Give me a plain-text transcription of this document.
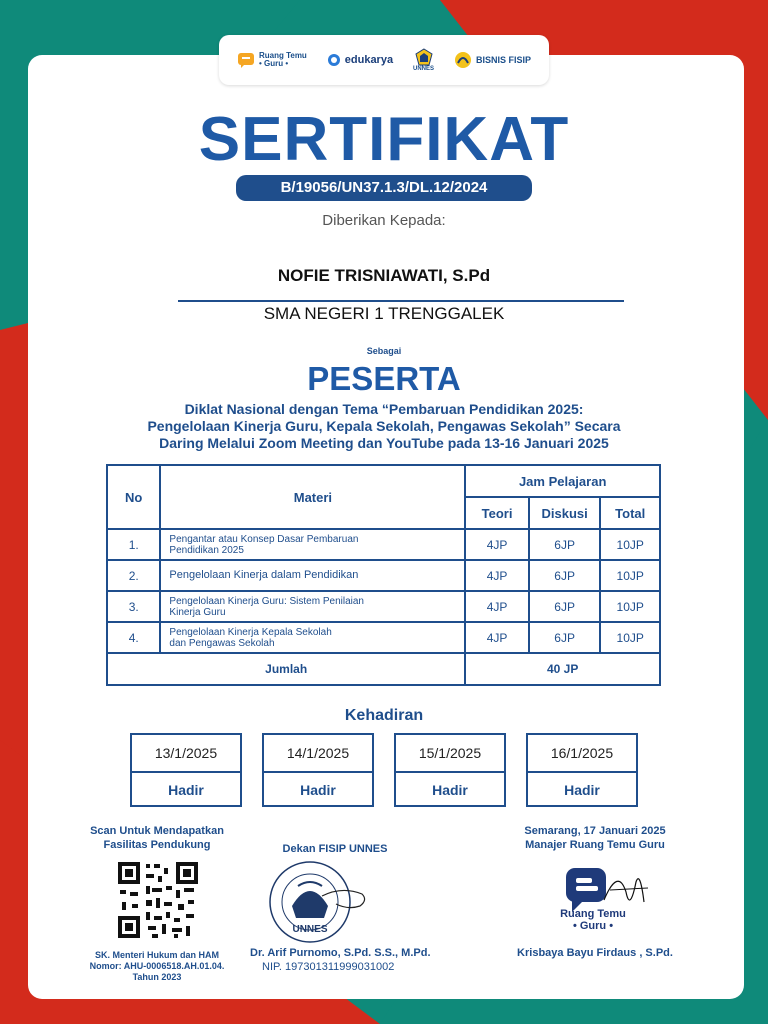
Ruang Temu
• Guru •	edukarya
UNNES
BISNIS FISIP
SERTIFIKAT
B/19056/UN37.1.3/DL.12/2024
Diberikan Kepada:
NOFIE TRISNIAWATI, S.Pd
SMA NEGERI 1 TRENGGALEK
Sebagai
PESERTA
Diklat Nasional dengan Tema “Pembaruan Pendidikan 2025:
Pengelolaan Kinerja Guru, Kepala Sekolah, Pengawas Sekolah” Secara
Daring Melalui Zoom Meeting dan YouTube pada 13-16 Januari 2025
No	Materi	Jam Pelajaran		
		Teori	Diskusi	Total
1.	Pengantar atau Konsep Dasar Pembaruan
Pendidikan 2025	4JP	6JP	10JP
2.	Pengelolaan Kinerja dalam Pendidikan	4JP	6JP	10JP
3.	Pengelolaan Kinerja Guru: Sistem Penilaian
Kinerja Guru	4JP	6JP	10JP
4.	Pengelolaan Kinerja Kepala Sekolah
dan Pengawas Sekolah	4JP	6JP	10JP
Jumlah		40 JP		
Kehadiran
13/1/2025
Hadir
14/1/2025
Hadir
15/1/2025
Hadir
16/1/2025
Hadir
Scan Untuk Mendapatkan
Fasilitas Pendukung
SK. Menteri Hukum dan HAM
Nomor: AHU-0006518.AH.01.04.
Tahun 2023
Dekan FISIP UNNES
UNNES
Dr. Arif Purnomo, S.Pd. S.S., M.Pd.
NIP. 197301311999031002
Semarang, 17 Januari 2025
Manajer Ruang Temu Guru
Ruang Temu
• Guru •
Krisbaya Bayu Firdaus , S.Pd.
